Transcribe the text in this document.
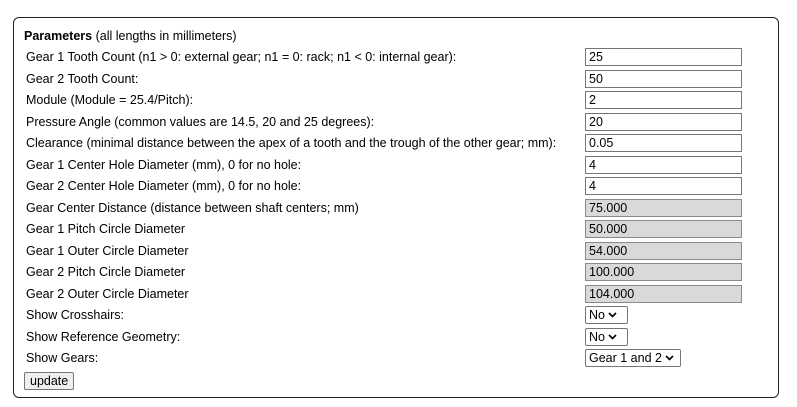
Parameters (all lengths in millimeters)
Gear 1 Tooth Count (n1 > 0: external gear; n1 = 0: rack; n1 < 0: internal gear):
25
Gear 2 Tooth Count:
50
Module (Module = 25.4/Pitch):
2
Pressure Angle (common values are 14.5, 20 and 25 degrees):
20
Clearance (minimal distance between the apex of a tooth and the trough of the other gear; mm):
0.05
Gear 1 Center Hole Diameter (mm), 0 for no hole:
4
Gear 2 Center Hole Diameter (mm), 0 for no hole:
4
Gear Center Distance (distance between shaft centers; mm)
75.000
Gear 1 Pitch Circle Diameter
50.000
Gear 1 Outer Circle Diameter
54.000
Gear 2 Pitch Circle Diameter
100.000
Gear 2 Outer Circle Diameter
104.000
Show Crosshairs:	No
Show Reference Geometry:	No
Show Gears:	Gear 1 and 2
update
